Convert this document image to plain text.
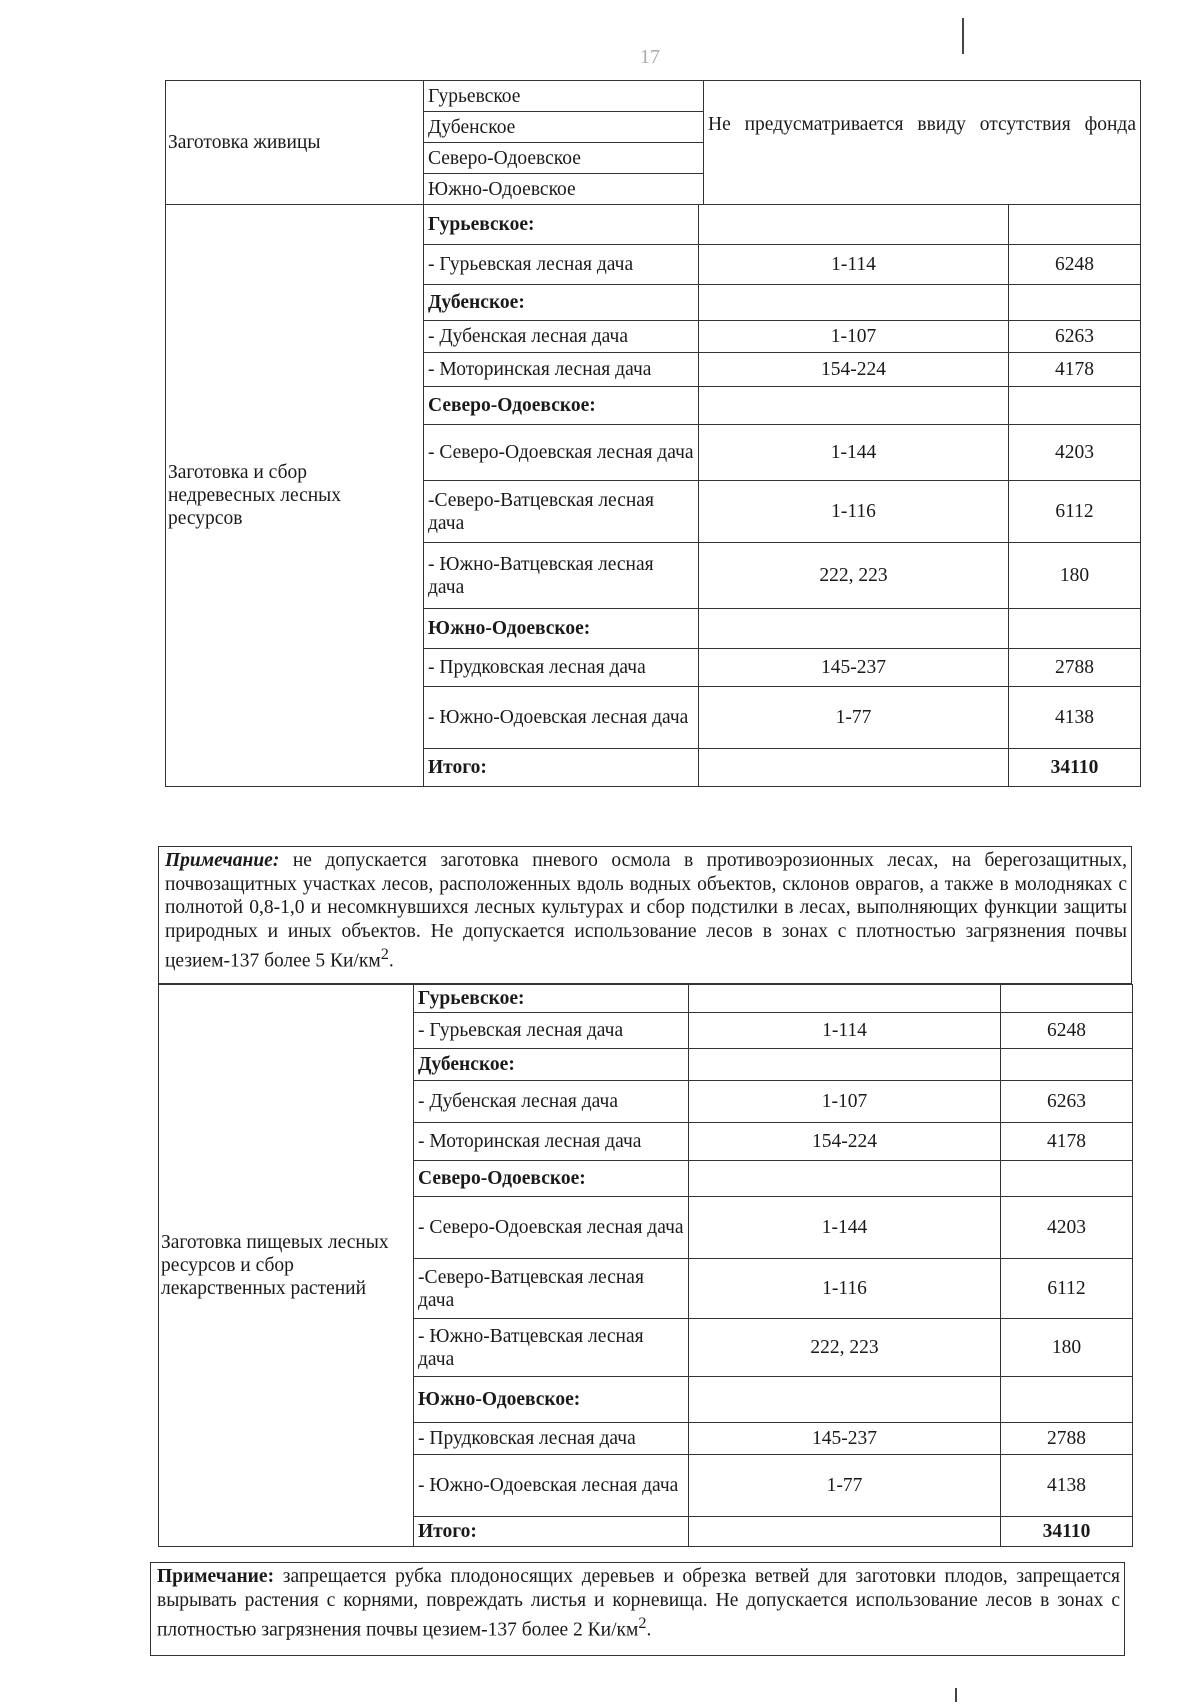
17
Заготовка живицы	Гурьевское	Не предусматривается ввиду отсутствия фонда
Дубенское
Северо-Одоевское
Южно-Одоевское
Заготовка и сбор недревесных лесных ресурсов	Гурьевское:		
	- Гурьевская лесная дача	1-114	6248
	Дубенское:		
	- Дубенская лесная дача	1-107	6263
	- Моторинская лесная дача	154-224	4178
	Северо-Одоевское:		
	- Северо-Одоевская лесная дача	1-144	4203
	-Северо-Ватцевская лесная дача	1-116	6112
	- Южно-Ватцевская лесная дача	222, 223	180
	Южно-Одоевское:		
	- Прудковская лесная дача	145-237	2788
	- Южно-Одоевская лесная дача	1-77	4138
	Итого:		34110
Примечание: не допускается заготовка пневого осмола в противоэрозионных лесах, на берегозащитных, почвозащитных участках лесов, расположенных вдоль водных объектов, склонов оврагов, а также в молодняках с полнотой 0,8-1,0 и несомкнувшихся лесных культурах и сбор подстилки в лесах, выполняющих функции защиты природных и иных объектов. Не допускается использование лесов в зонах с плотностью загрязнения почвы цезием-137 более 5 $Ки/км^2$.
Заготовка пищевых лесных ресурсов и сбор лекарственных растений	Гурьевское:		
	- Гурьевская лесная дача	1-114	6248
	Дубенское:		
	- Дубенская лесная дача	1-107	6263
	- Моторинская лесная дача	154-224	4178
	Северо-Одоевское:		
	- Северо-Одоевская лесная дача	1-144	4203
	-Северо-Ватцевская лесная дача	1-116	6112
	- Южно-Ватцевская лесная дача	222, 223	180
	Южно-Одоевское:		
	- Прудковская лесная дача	145-237	2788
	- Южно-Одоевская лесная дача	1-77	4138
	Итого:		34110
Примечание: запрещается рубка плодоносящих деревьев и обрезка ветвей для заготовки плодов, запрещается вырывать растения с корнями, повреждать листья и корневища. Не допускается использование лесов в зонах с плотностью загрязнения почвы цезием-137 более 2 $Ки/км^2$.
